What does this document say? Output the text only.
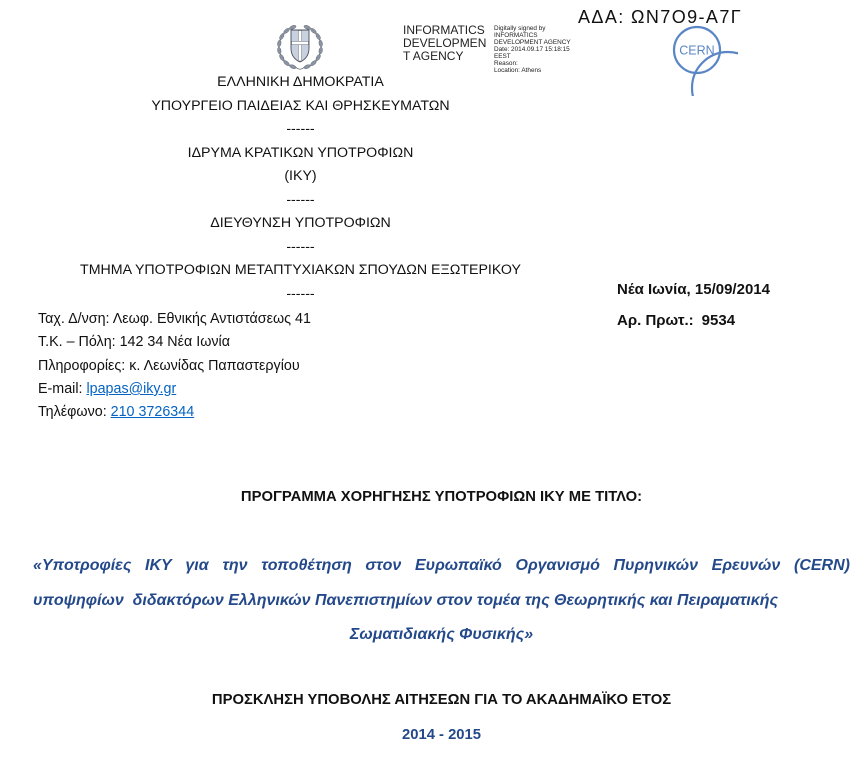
ΑΔΑ: ΩΝ7Ο9-Α7Γ
INFORMATICS
DEVELOPMEN
T AGENCY
Digitally signed by
INFORMATICS
DEVELOPMENT AGENCY
Date: 2014.09.17 15:18:15
EEST
Reason:
Location: Athens
CERN
ΕΛΛΗΝΙΚΗ ΔΗΜΟΚΡΑΤΙΑ
ΥΠΟΥΡΓΕΙΟ ΠΑΙΔΕΙΑΣ ΚΑΙ ΘΡΗΣΚΕΥΜΑΤΩΝ
------
ΙΔΡΥΜΑ ΚΡΑΤΙΚΩΝ ΥΠΟΤΡΟΦΙΩΝ
(ΙΚΥ)
------
ΔΙΕΥΘΥΝΣΗ ΥΠΟΤΡΟΦΙΩΝ
------
ΤΜΗΜΑ ΥΠΟΤΡΟΦΙΩΝ ΜΕΤΑΠΤΥΧΙΑΚΩΝ ΣΠΟΥΔΩΝ ΕΞΩΤΕΡΙΚΟΥ
------	Νέα Ιωνία, 15/09/2014
Αρ. Πρωτ.: 9534
Ταχ. Δ/νση: Λεωφ. Εθνικής Αντιστάσεως 41
Τ.Κ. – Πόλη: 142 34 Νέα Ιωνία
Πληροφορίες: κ. Λεωνίδας Παπαστεργίου
E-mail: lpapas@iky.gr
Τηλέφωνο: 210 3726344
ΠΡΟΓΡΑΜΜΑ ΧΟΡΗΓΗΣΗΣ ΥΠΟΤΡΟΦΙΩΝ ΙΚΥ ΜΕ ΤΙΤΛΟ:
«Υποτροφίες ΙΚΥ για την τοποθέτηση στον Ευρωπαϊκό Οργανισμό Πυρηνικών Ερευνών (CERN)
υποψηφίων  διδακτόρων Ελληνικών Πανεπιστημίων στον τομέα της Θεωρητικής και Πειραματικής
Σωματιδιακής Φυσικής»
ΠΡΟΣΚΛΗΣΗ ΥΠΟΒΟΛΗΣ ΑΙΤΗΣΕΩΝ ΓΙΑ ΤΟ ΑΚΑΔΗΜΑΪΚΟ ΕΤΟΣ
2014 - 2015
